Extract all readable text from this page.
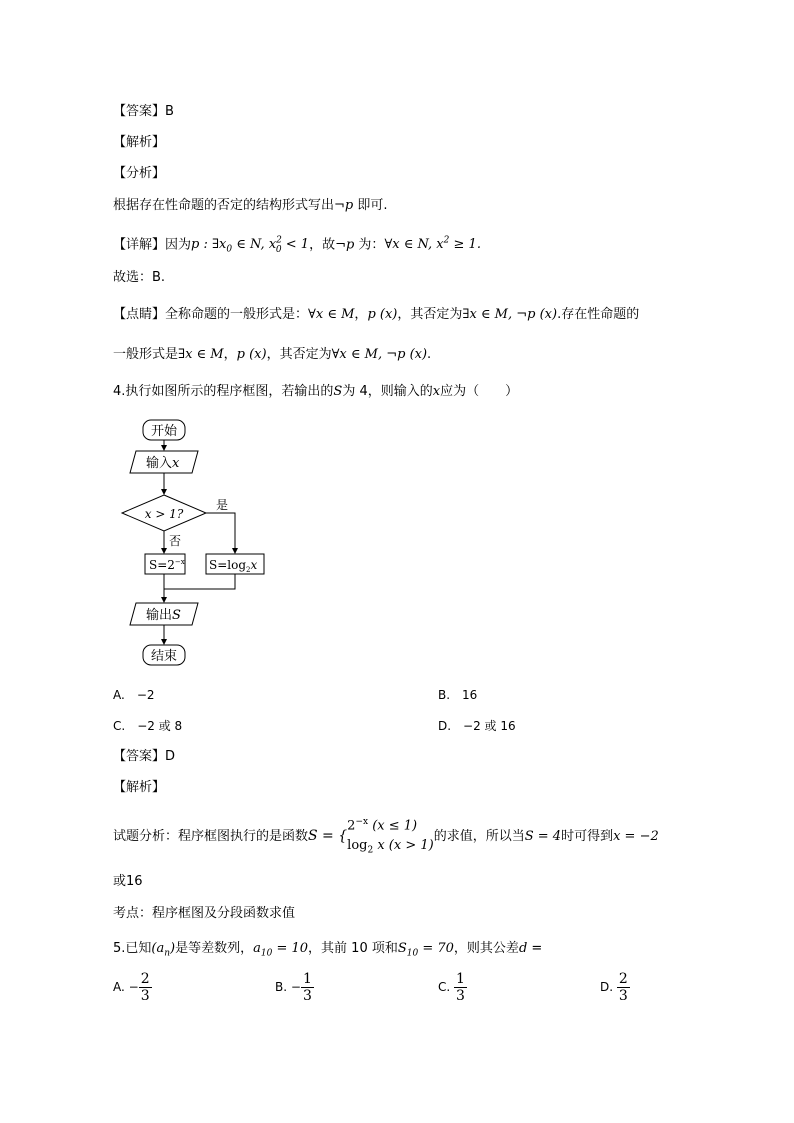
【答案】B
【解析】
【分析】
根据存在性命题的否定的结构形式写出¬p 即可.
【详解】因为p : $\exists x_0$ ∈ N, $x^2_0 < 1$，故¬p 为：∀x ∈ N, $x^2 \ge 1$.
故选：B.
【点睛】全称命题的一般形式是：∀x ∈ M，p (x)，其否定为∃x ∈ M, ¬p (x).存在性命题的
一般形式是∃x ∈ M，p (x)，其否定为∀x ∈ M, ¬p (x).
4.执行如图所示的程序框图，若输出的S为 4，则输入的x应为（　　）
开始
输入x
x > 1?
是
否
$S=2^{-x}$ $S=\log_2x$
输出S
结束
A.　−2	B.　16
C.　−2 或 8	D.　−2 或 16
【答案】D
【解析】
试题分析：程序框图执行的是函数S = {
$2^{-x}$ (x ≤ 1)
$\log_2 x$ (x > 1)
的求值，所以当S = 4时可得到x = −2
或16
考点：程序框图及分段函数求值
5.已知$(a_n)$是等差数列，$a_{10} = 10$，其前 10 项和$S_{10} = 70$，则其公差d =
A. − $\frac{2}{3}$	B. − $\frac{1}{3}$	C. $\frac{1}{3}$	D. $\frac{2}{3}$
